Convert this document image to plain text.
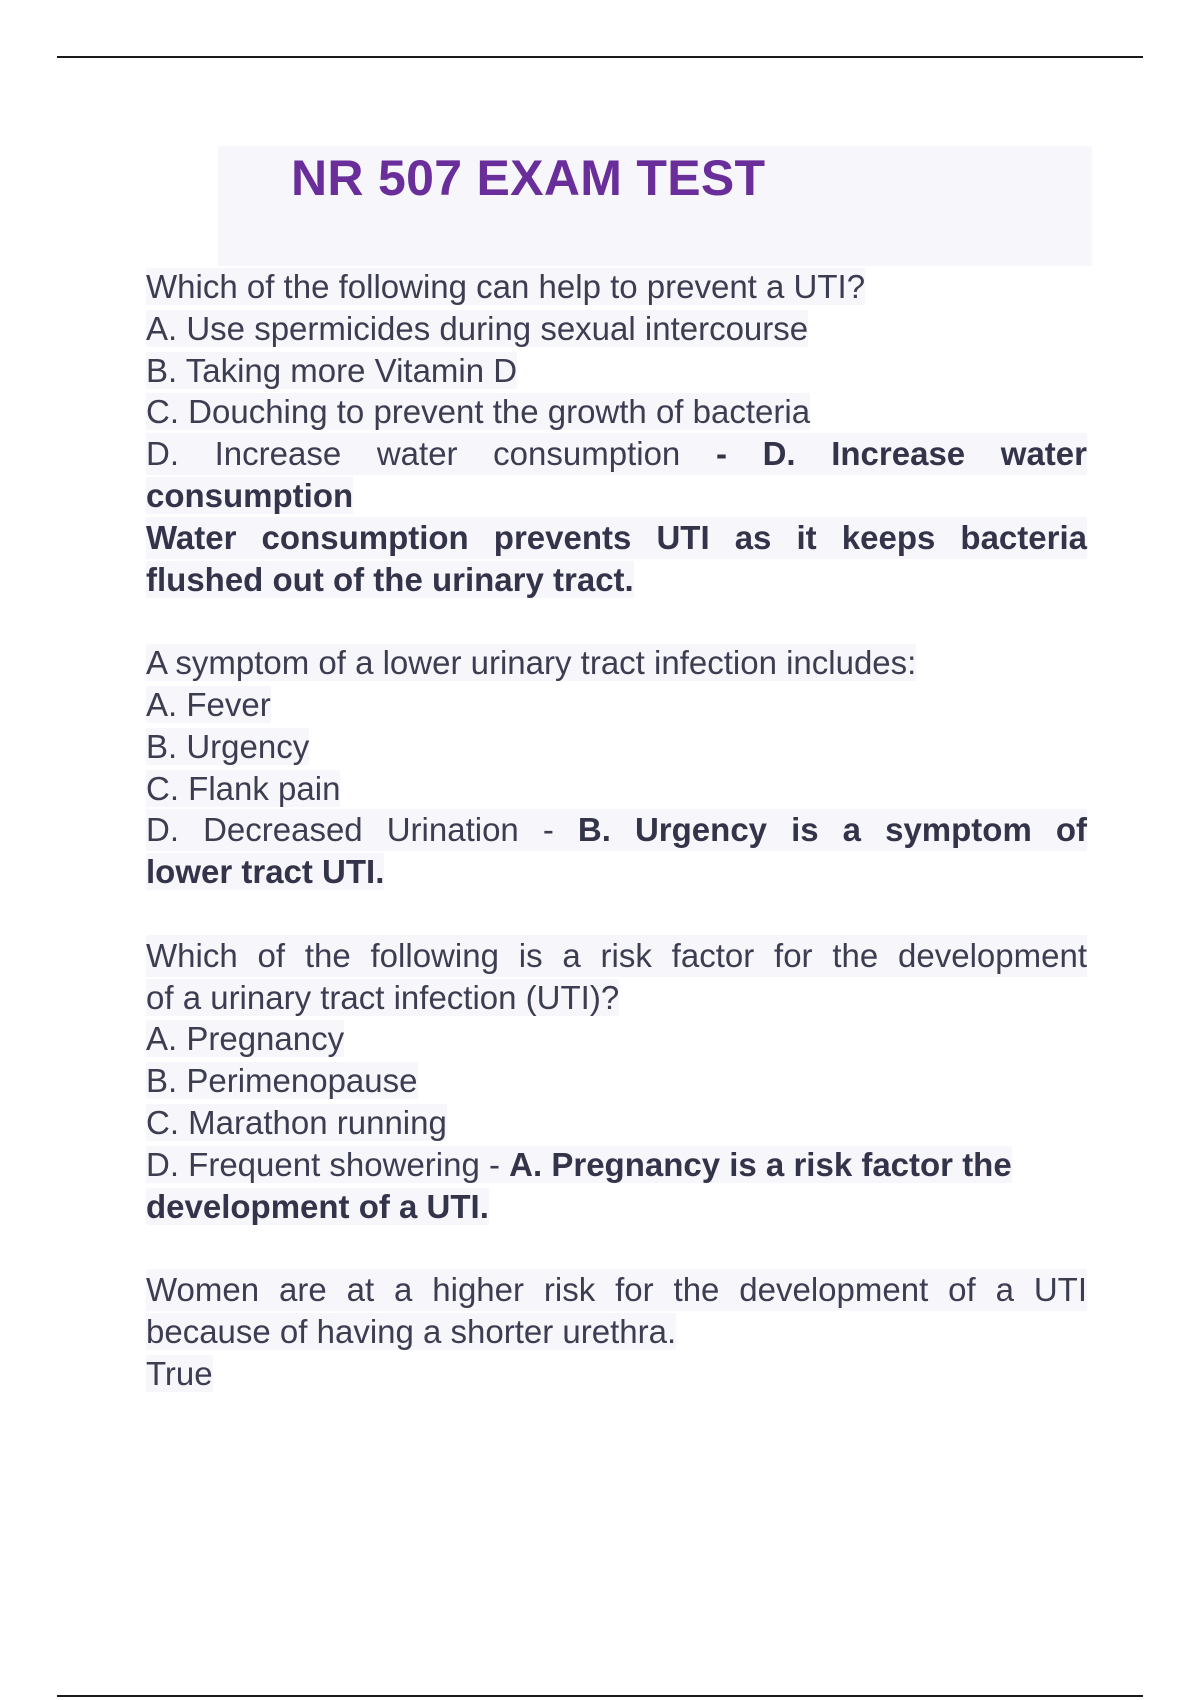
NR 507 EXAM TEST
Which of the following can help to prevent a UTI?
A. Use spermicides during sexual intercourse
B. Taking more Vitamin D
C. Douching to prevent the growth of bacteria
D. Increase water consumption - D. Increase water
consumption
Water consumption prevents UTI as it keeps bacteria
flushed out of the urinary tract.
A symptom of a lower urinary tract infection includes:
A. Fever
B. Urgency
C. Flank pain
D. Decreased Urination - B. Urgency is a symptom of
lower tract UTI.
Which of the following is a risk factor for the development
of a urinary tract infection (UTI)?
A. Pregnancy
B. Perimenopause
C. Marathon running
D. Frequent showering - A. Pregnancy is a risk factor the
development of a UTI.
Women are at a higher risk for the development of a UTI
because of having a shorter urethra.
True
